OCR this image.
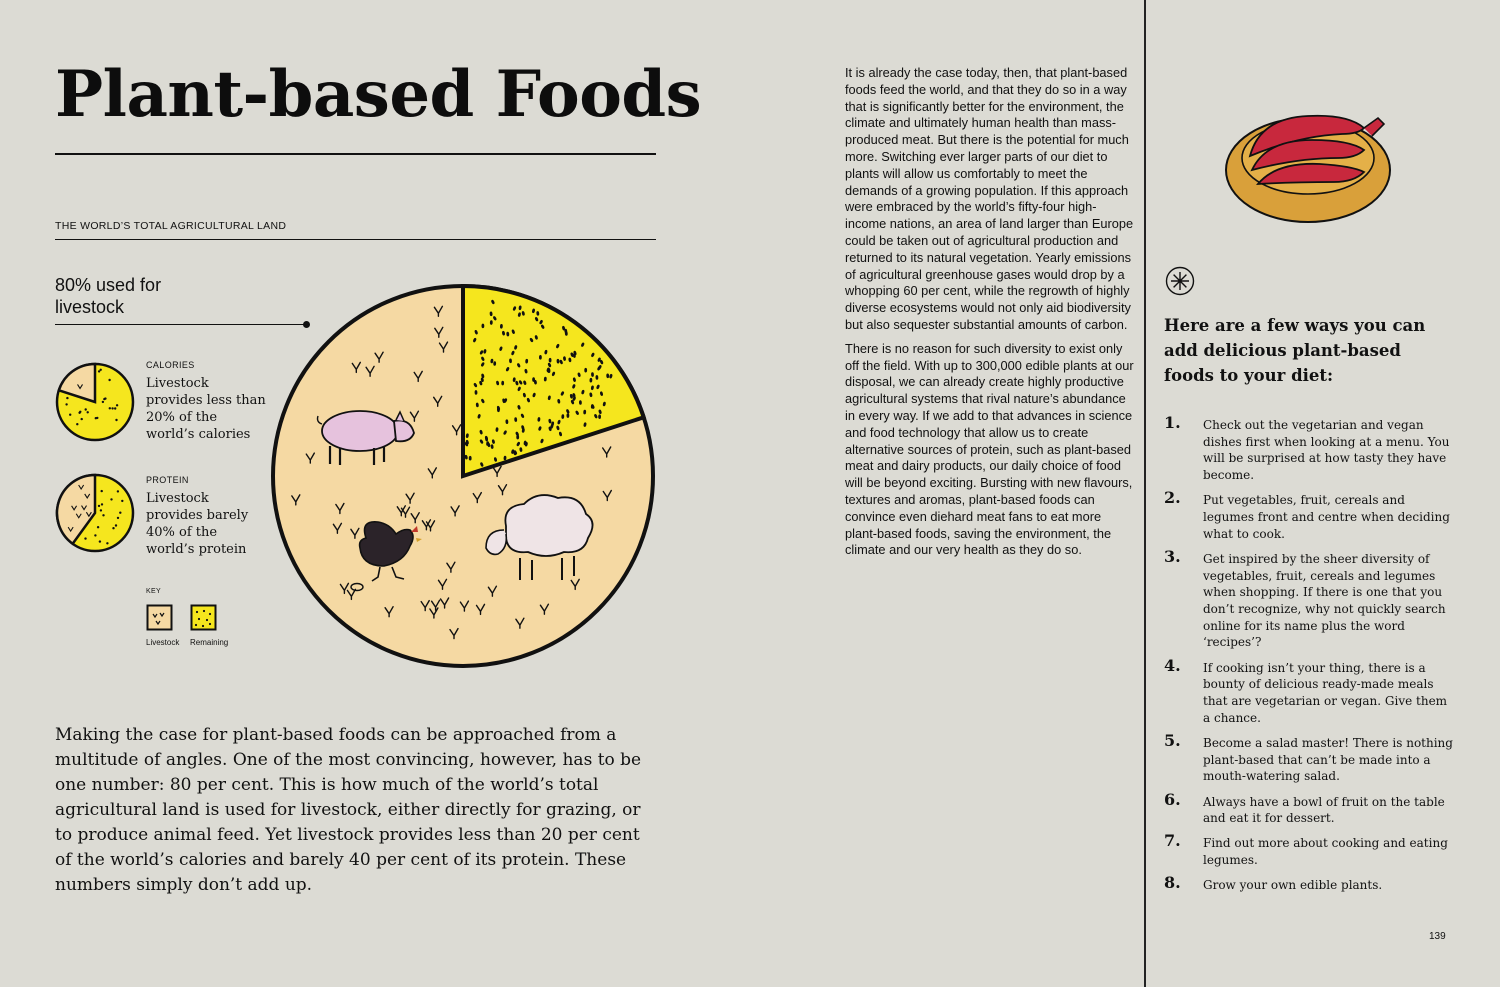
Plant-based Foods
THE WORLD’S TOTAL AGRICULTURAL LAND
80% used for livestock
CALORIES
Livestock provides less than 20% of the world’s calories
PROTEIN
Livestock provides barely 40% of the world’s protein
KEY
Livestock Remaining

Making the case for plant-based foods can be approached from a multitude of angles. One of the most convincing, however, has to be one number: 80 per cent. This is how much of the world’s total agricultural land is used for livestock, either directly for grazing, or to produce animal feed. Yet livestock provides less than 20 per cent of the world’s calories and barely 40 per cent of its protein. These numbers simply don’t add up.

It is already the case today, then, that plant-based foods feed the world, and that they do so in a way that is significantly better for the environment, the climate and ultimately human health than mass-produced meat. But there is the potential for much more. Switching ever larger parts of our diet to plants will allow us comfortably to meet the demands of a growing population. If this approach were embraced by the world’s fifty-four high-income nations, an area of land larger than Europe could be taken out of agricultural production and returned to its natural vegetation. Yearly emissions of agricultural greenhouse gases would drop by a whopping 60 per cent, while the regrowth of highly diverse ecosystems would not only aid biodiversity but also sequester substantial amounts of carbon.

There is no reason for such diversity to exist only off the field. With up to 300,000 edible plants at our disposal, we can already create highly productive agricultural systems that rival nature’s abundance in every way. If we add to that advances in science and food technology that allow us to create alternative sources of protein, such as plant-based meat and dairy products, our daily choice of food will be beyond exciting. Bursting with new flavours, textures and aromas, plant-based foods can convince even diehard meat fans to eat more plant-based foods, saving the environment, the climate and our very health as they do so.

Here are a few ways you can add delicious plant-based foods to your diet:
1. Check out the vegetarian and vegan dishes first when looking at a menu. You will be surprised at how tasty they have become.
2. Put vegetables, fruit, cereals and legumes front and centre when deciding what to cook.
3. Get inspired by the sheer diversity of vegetables, fruit, cereals and legumes when shopping. If there is one that you don’t recognize, why not quickly search online for its name plus the word ‘recipes’?
4. If cooking isn’t your thing, there is a bounty of delicious ready-made meals that are vegetarian or vegan. Give them a chance.
5. Become a salad master! There is nothing plant-based that can’t be made into a mouth-watering salad.
6. Always have a bowl of fruit on the table and eat it for dessert.
7. Find out more about cooking and eating legumes.
8. Grow your own edible plants.
139
